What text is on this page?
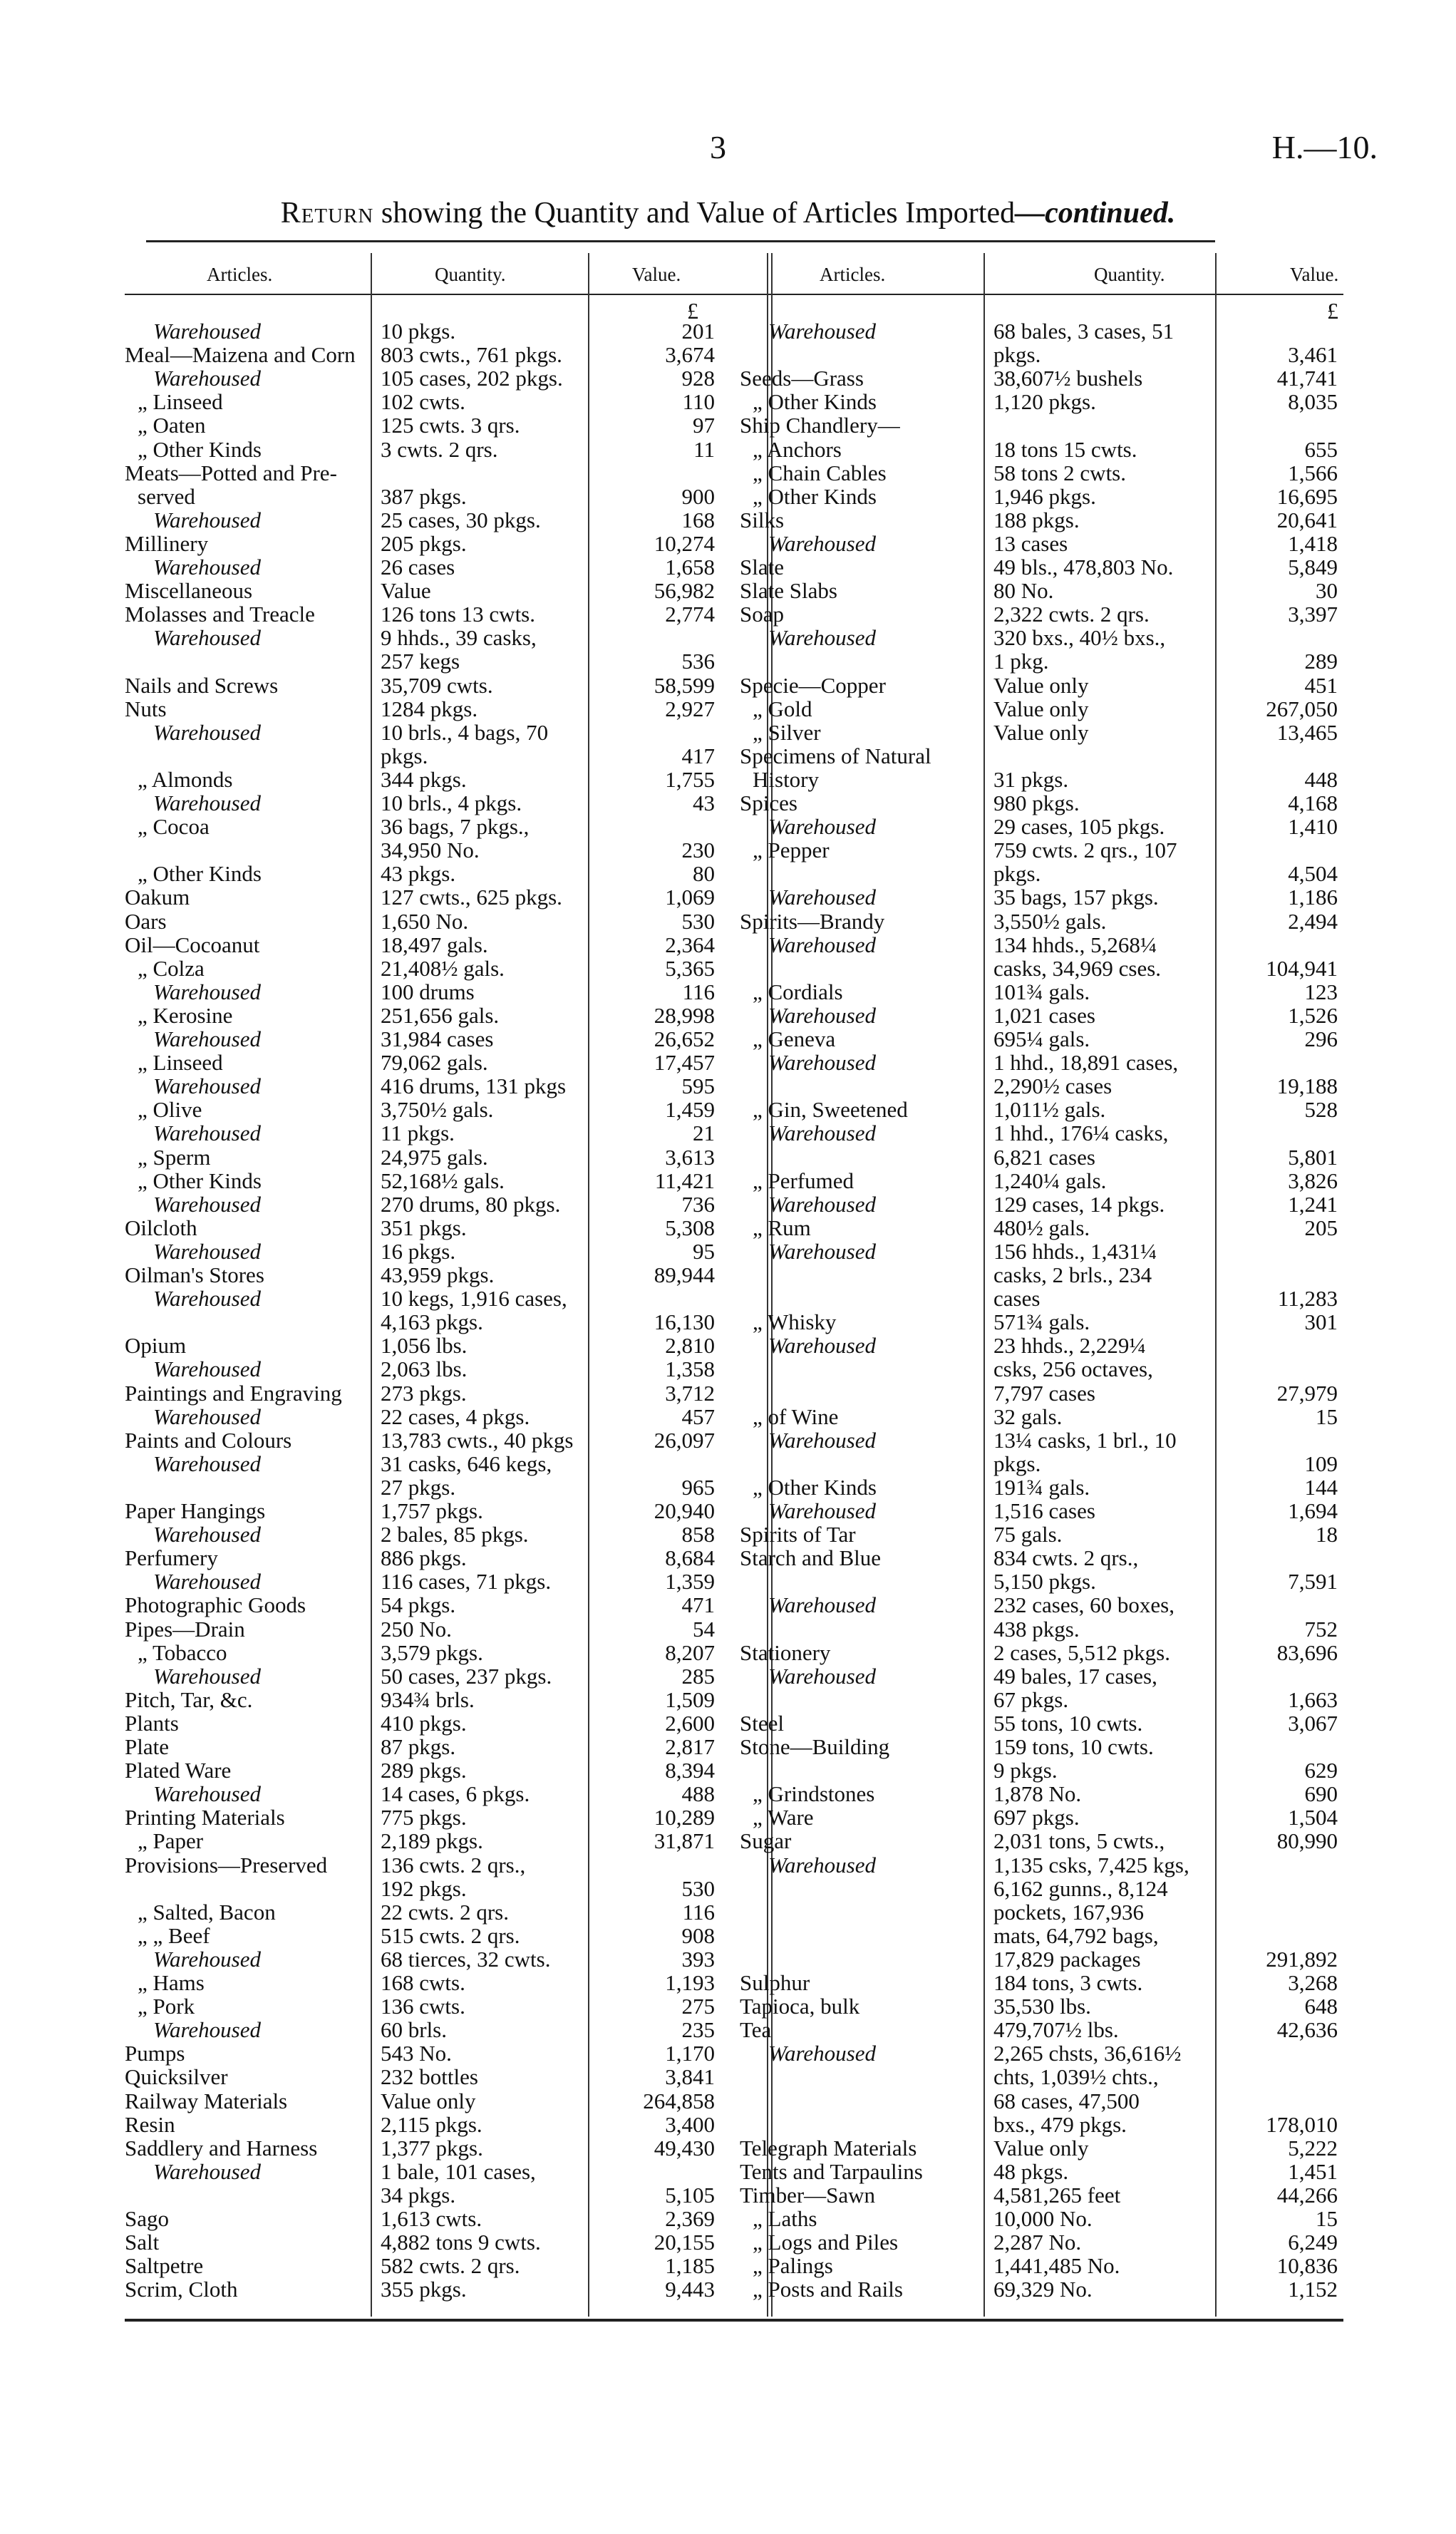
3	H.—10.
Return showing the Quantity and Value of Articles Imported—continued.
Articles.	Quantity.	Value.	Articles.	Quantity.	Value.
£	£
Warehoused	10 pkgs.	201
Meal—Maizena and Corn 803 cwts., 761 pkgs.	3,674
Warehoused	105 cases, 202 pkgs.	928
„ Linseed	102 cwts.	110
„ Oaten	125 cwts. 3 qrs.	97
„ Other Kinds	3 cwts. 2 qrs.	11
Meats—Potted and Pre-
served	387 pkgs.	900
Warehoused	25 cases, 30 pkgs.	168
Millinery	205 pkgs.	10,274
Warehoused	26 cases	1,658
Miscellaneous	Value	56,982
Molasses and Treacle	126 tons 13 cwts.	2,774
Warehoused	9 hhds., 39 casks,
257 kegs	536
Nails and Screws	35,709 cwts.	58,599
Nuts	1284 pkgs.	2,927
Warehoused	10 brls., 4 bags, 70
pkgs.	417
„ Almonds	344 pkgs.	1,755
Warehoused	10 brls., 4 pkgs.	43
„ Cocoa	36 bags, 7 pkgs.,
34,950 No.	230
„ Other Kinds	43 pkgs.	80
Oakum	127 cwts., 625 pkgs.	1,069
Oars	1,650 No.	530
Oil—Cocoanut	18,497 gals.	2,364
„ Colza	21,408½ gals.	5,365
Warehoused	100 drums	116
„ Kerosine	251,656 gals.	28,998
Warehoused	31,984 cases	26,652
„ Linseed	79,062 gals.	17,457
Warehoused	416 drums, 131 pkgs	595
„ Olive	3,750½ gals.	1,459
Warehoused	11 pkgs.	21
„ Sperm	24,975 gals.	3,613
„ Other Kinds	52,168½ gals.	11,421
Warehoused	270 drums, 80 pkgs.	736
Oilcloth	351 pkgs.	5,308
Warehoused	16 pkgs.	95
Oilman's Stores	43,959 pkgs.	89,944
Warehoused	10 kegs, 1,916 cases,
4,163 pkgs.	16,130
Opium	1,056 lbs.	2,810
Warehoused	2,063 lbs.	1,358
Paintings and Engraving 273 pkgs.	3,712
Warehoused	22 cases, 4 pkgs.	457
Paints and Colours	13,783 cwts., 40 pkgs	26,097
Warehoused	31 casks, 646 kegs,
27 pkgs.	965
Paper Hangings	1,757 pkgs.	20,940
Warehoused	2 bales, 85 pkgs.	858
Perfumery	886 pkgs.	8,684
Warehoused	116 cases, 71 pkgs.	1,359
Photographic Goods	54 pkgs.	471
Pipes—Drain	250 No.	54
„ Tobacco	3,579 pkgs.	8,207
Warehoused	50 cases, 237 pkgs.	285
Pitch, Tar, &c.	934¾ brls.	1,509
Plants	410 pkgs.	2,600
Plate	87 pkgs.	2,817
Plated Ware	289 pkgs.	8,394
Warehoused	14 cases, 6 pkgs.	488
Printing Materials	775 pkgs.	10,289
„ Paper	2,189 pkgs.	31,871
Provisions—Preserved 136 cwts. 2 qrs.,
192 pkgs.	530
„ Salted, Bacon	22 cwts. 2 qrs.	116
„ „ Beef	515 cwts. 2 qrs.	908
Warehoused	68 tierces, 32 cwts.	393
„ Hams	168 cwts.	1,193
„ Pork	136 cwts.	275
Warehoused	60 brls.	235
Pumps	543 No.	1,170
Quicksilver	232 bottles	3,841
Railway Materials	Value only	264,858
Resin	2,115 pkgs.	3,400
Saddlery and Harness	1,377 pkgs.	49,430
Warehoused	1 bale, 101 cases,
34 pkgs.	5,105
Sago	1,613 cwts.	2,369
Salt	4,882 tons 9 cwts.	20,155
Saltpetre	582 cwts. 2 qrs.	1,185
Scrim, Cloth	355 pkgs.	9,443
Warehoused	68 bales, 3 cases, 51
pkgs.	3,461
Seeds—Grass	38,607½ bushels	41,741
„ Other Kinds	1,120 pkgs.	8,035
Ship Chandlery—
„ Anchors	18 tons 15 cwts.	655
„ Chain Cables	58 tons 2 cwts.	1,566
„ Other Kinds	1,946 pkgs.	16,695
Silks	188 pkgs.	20,641
Warehoused	13 cases	1,418
Slate	49 bls., 478,803 No.	5,849
Slate Slabs	80 No.	30
Soap	2,322 cwts. 2 qrs.	3,397
Warehoused	320 bxs., 40½ bxs.,
1 pkg.	289
Specie—Copper	Value only	451
„ Gold	Value only	267,050
„ Silver	Value only	13,465
Specimens of Natural
History	31 pkgs.	448
Spices	980 pkgs.	4,168
Warehoused	29 cases, 105 pkgs.	1,410
„ Pepper	759 cwts. 2 qrs., 107
pkgs.	4,504
Warehoused	35 bags, 157 pkgs.	1,186
Spirits—Brandy	3,550½ gals.	2,494
Warehoused	134 hhds., 5,268¼
casks, 34,969 cses.	104,941
„ Cordials	101¾ gals.	123
Warehoused	1,021 cases	1,526
„ Geneva	695¼ gals.	296
Warehoused	1 hhd., 18,891 cases,
2,290½ cases	19,188
„ Gin, Sweetened	1,011½ gals.	528
Warehoused	1 hhd., 176¼ casks,
6,821 cases	5,801
„ Perfumed	1,240¼ gals.	3,826
Warehoused	129 cases, 14 pkgs.	1,241
„ Rum	480½ gals.	205
Warehoused	156 hhds., 1,431¼
casks, 2 brls., 234
cases	11,283
„ Whisky	571¾ gals.	301
Warehoused	23 hhds., 2,229¼
csks, 256 octaves,
7,797 cases	27,979
„ of Wine	32 gals.	15
Warehoused	13¼ casks, 1 brl., 10
pkgs.	109
„ Other Kinds	191¾ gals.	144
Warehoused	1,516 cases	1,694
Spirits of Tar	75 gals.	18
Starch and Blue	834 cwts. 2 qrs.,
5,150 pkgs.	7,591
Warehoused	232 cases, 60 boxes,
438 pkgs.	752
Stationery	2 cases, 5,512 pkgs.	83,696
Warehoused	49 bales, 17 cases,
67 pkgs.	1,663
Steel	55 tons, 10 cwts.	3,067
Stone—Building	159 tons, 10 cwts.
9 pkgs.	629
„ Grindstones	1,878 No.	690
„ Ware	697 pkgs.	1,504
Sugar	2,031 tons, 5 cwts.,	80,990
Warehoused	1,135 csks, 7,425 kgs,
6,162 gunns., 8,124
pockets, 167,936
mats, 64,792 bags,
17,829 packages	291,892
Sulphur	184 tons, 3 cwts.	3,268
Tapioca, bulk	35,530 lbs.	648
Tea	479,707½ lbs.	42,636
Warehoused	2,265 chsts, 36,616½
chts, 1,039½ chts.,
68 cases, 47,500
bxs., 479 pkgs.	178,010
Telegraph Materials	Value only	5,222
Tents and Tarpaulins	48 pkgs.	1,451
Timber—Sawn	4,581,265 feet	44,266
„ Laths	10,000 No.	15
„ Logs and Piles	2,287 No.	6,249
„ Palings	1,441,485 No.	10,836
„ Posts and Rails	69,329 No.	1,152
